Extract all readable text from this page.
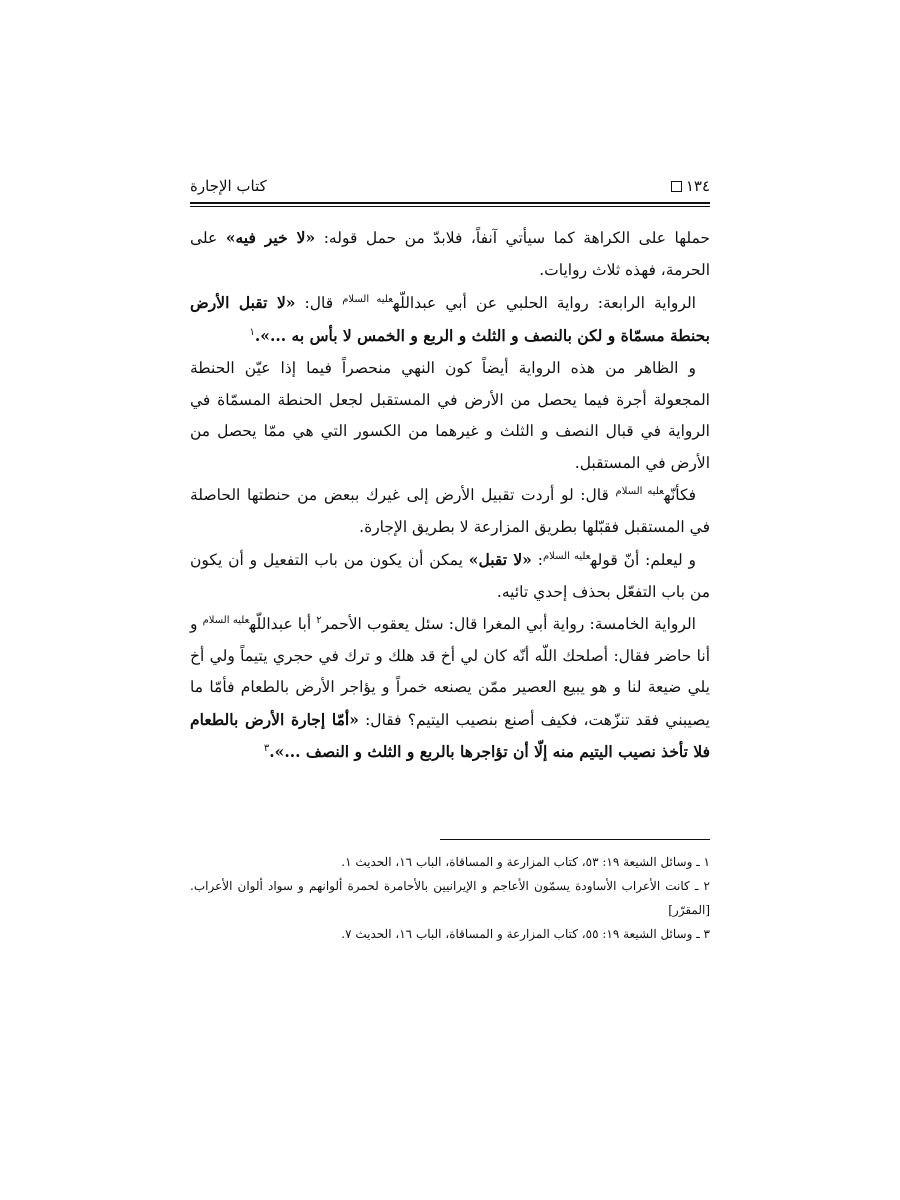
١٣٤
كتاب الإجارة

حملها على الكراهة كما سيأتي آنفاً، فلابدّ من حمل قوله: «لا خير فيه» على الحرمة، فهذه ثلاث روايات.

الرواية الرابعة: رواية الحلبي عن أبي عبداللّه$^{عليه السلام}$ قال: «لا تقبل الأرض بحنطة مسمّاة و لكن بالنصف و الثلث و الربع و الخمس لا بأس به ...».$^١$

و الظاهر من هذه الرواية أيضاً كون النهي منحصراً فيما إذا عيّن الحنطة المجعولة أجرة فيما يحصل من الأرض في المستقبل لجعل الحنطة المسمّاة في الرواية في قبال النصف و الثلث و غيرهما من الكسور التي هي ممّا يحصل من الأرض في المستقبل.

فكأنّه$^{عليه السلام}$ قال: لو أردت تقبيل الأرض إلى غيرك ببعض من حنطتها الحاصلة في المستقبل فقبّلها بطريق المزارعة لا بطريق الإجارة.

و ليعلم: أنّ قوله$^{عليه السلام}$: «لا تقبل» يمكن أن يكون من باب التفعيل و أن يكون من باب التفعّل بحذف إحدي تائيه.

الرواية الخامسة: رواية أبي المغرا قال: سئل يعقوب الأحمر$^٢$ أبا عبداللّه$^{عليه السلام}$ و أنا حاضر فقال: أصلحك اللّه أنّه كان لي أخ قد هلك و ترك في حجري يتيماً ولي أخ يلي ضيعة لنا و هو يبيع العصير ممّن يصنعه خمراً و يؤاجر الأرض بالطعام فأمّا ما يصيبني فقد تنزّهت، فكيف أصنع بنصيب اليتيم؟ فقال: «أمّا إجارة الأرض بالطعام فلا تأخذ نصيب اليتيم منه إلّا أن تؤاجرها بالربع و الثلث و النصف ...».$^٣$

١ ـ وسائل الشيعة ١٩: ٥٣، كتاب المزارعة و المساقاة، الباب ١٦، الحديث ١.

٢ ـ كانت الأعراب الأساودة يسمّون الأعاجم و الإيرانيين بالأحامرة لحمرة ألوانهم و سواد ألوان الأعراب. [المقرّر]

٣ ـ وسائل الشيعة ١٩: ٥٥، كتاب المزارعة و المساقاة، الباب ١٦، الحديث ٧.
